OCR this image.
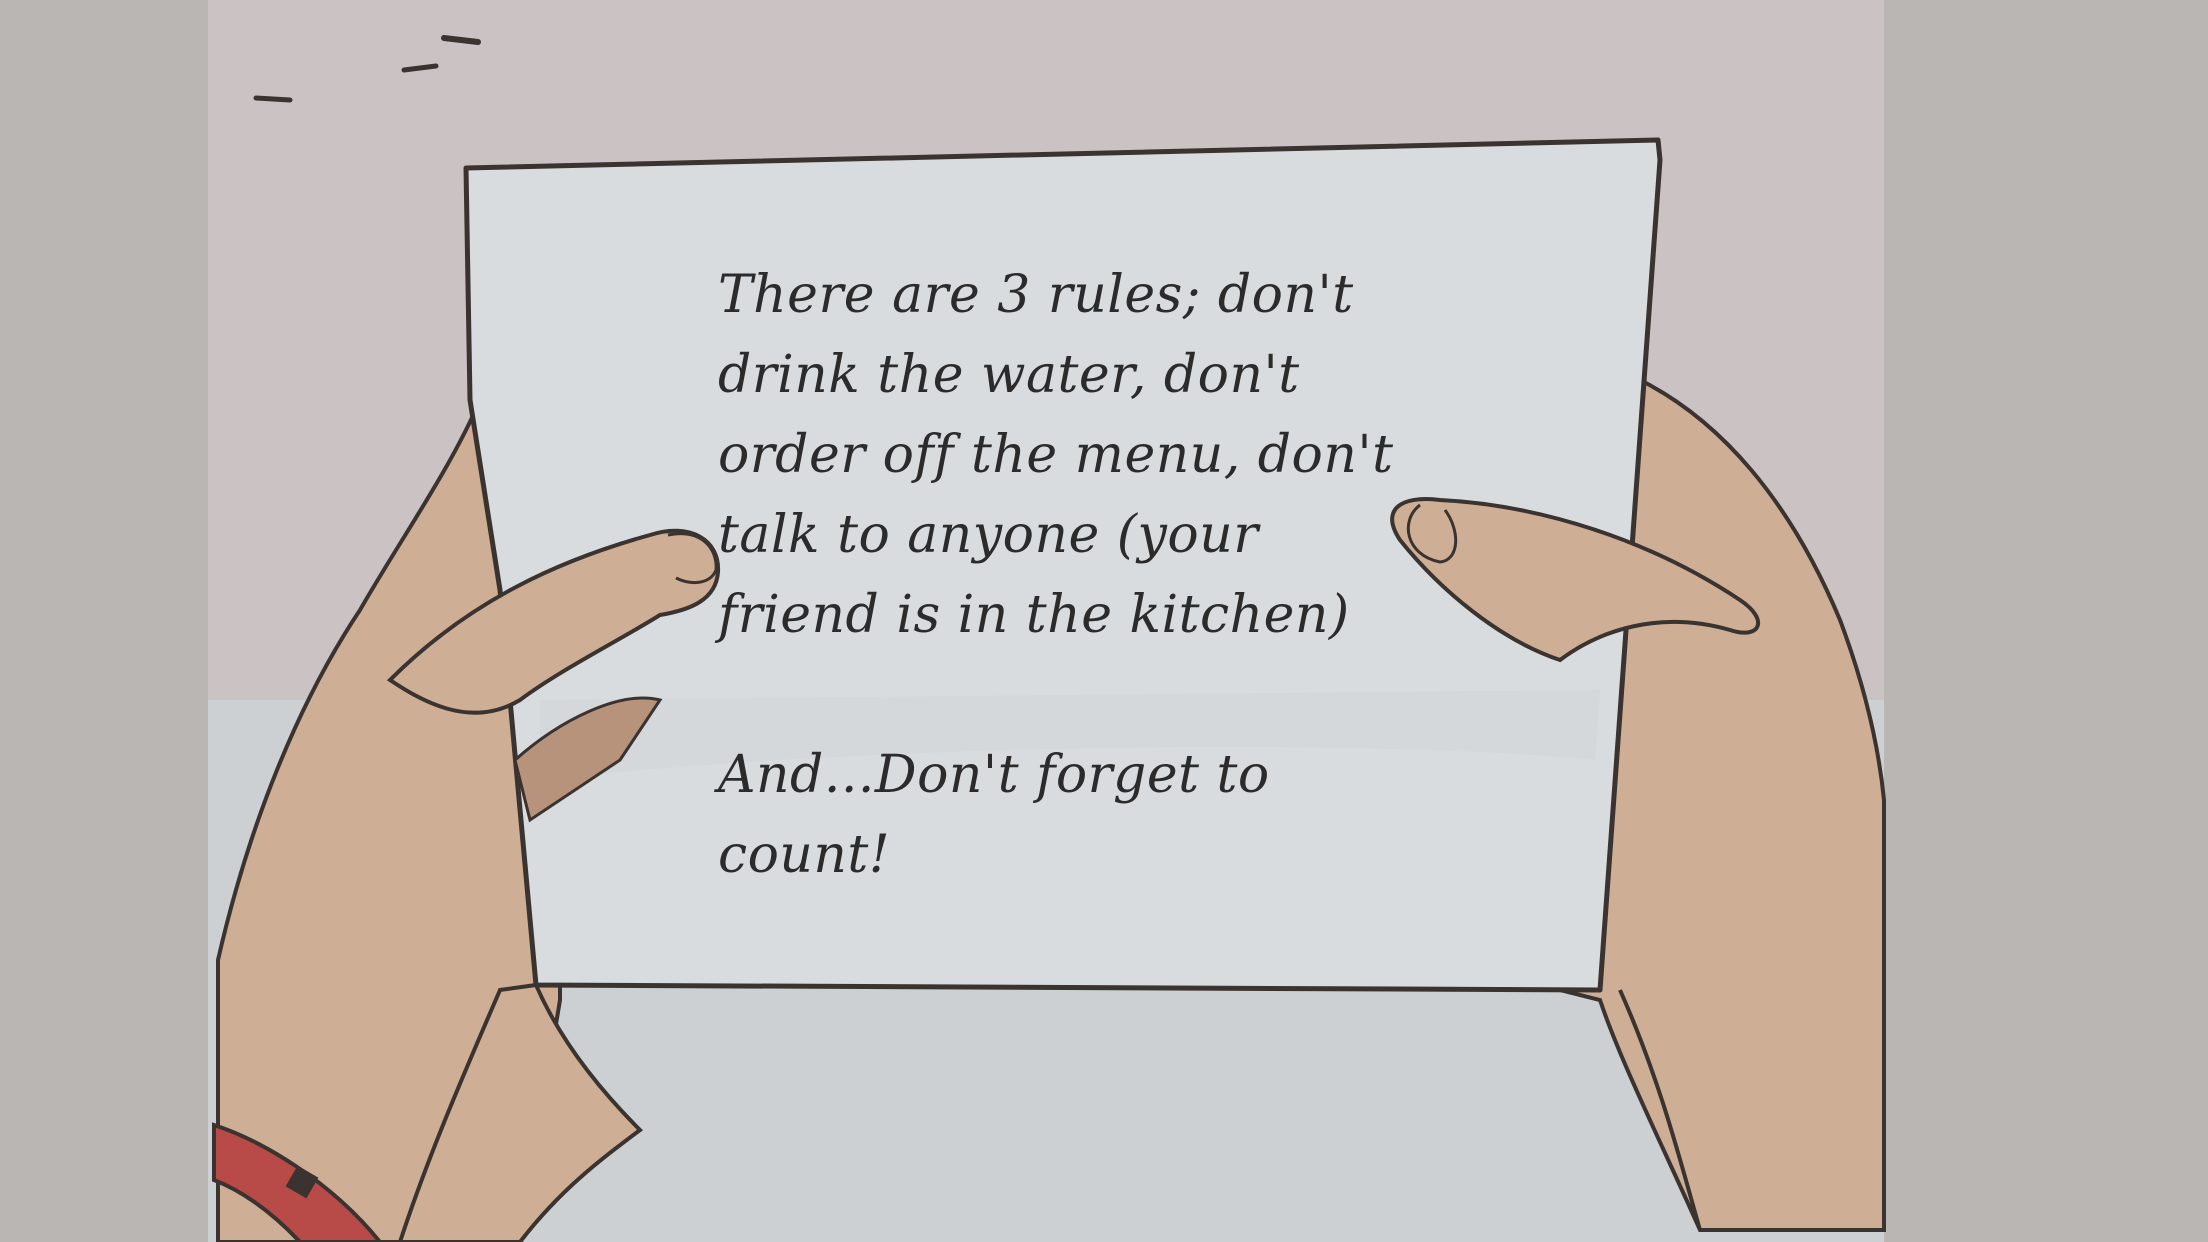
There are 3 rules; don't
drink the water, don't
order off the menu, don't
talk to anyone (your
friend is in the kitchen)
And...Don't forget to
count!
